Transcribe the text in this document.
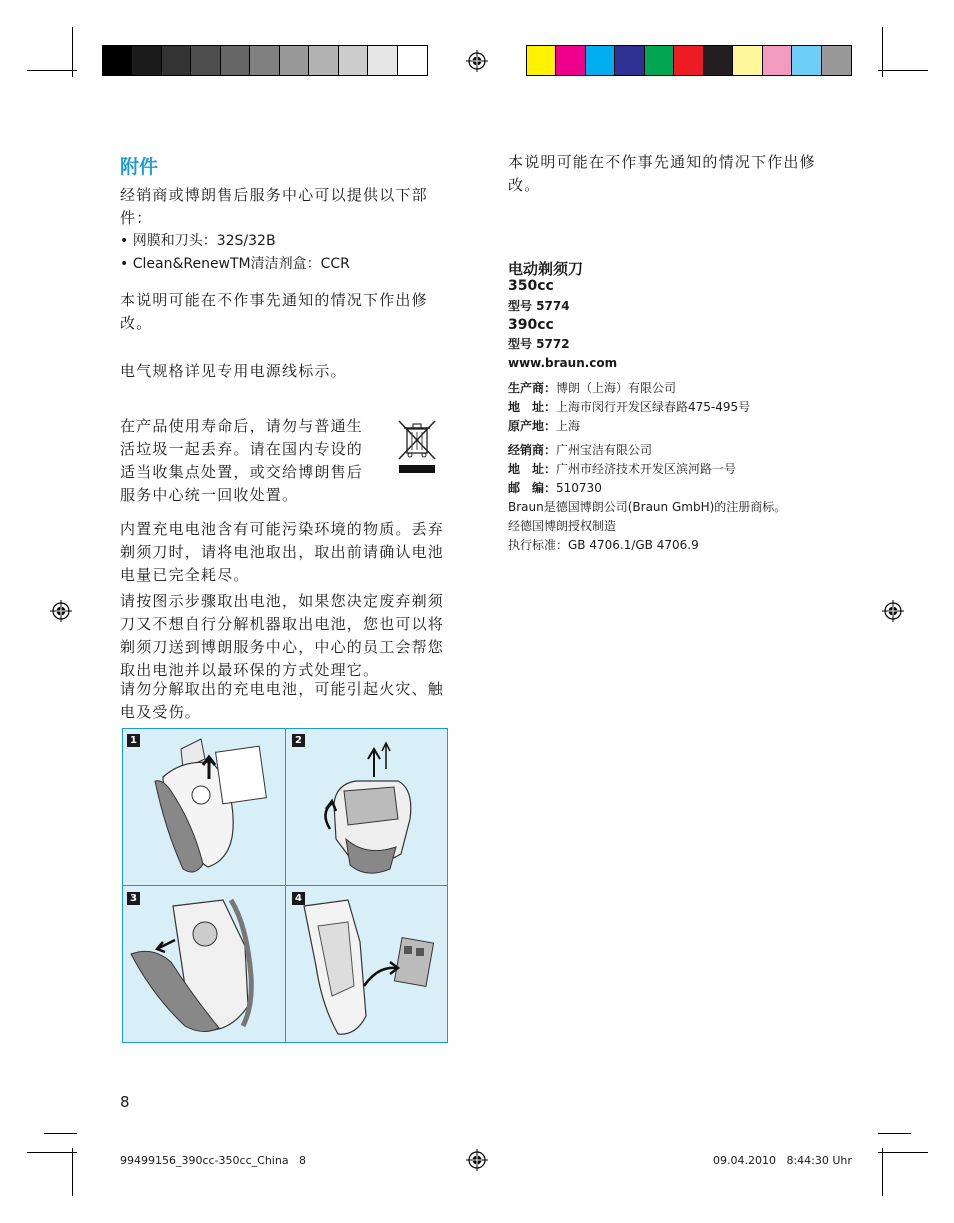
附件
经销商或博朗售后服务中心可以提供以下部
件：
• 网膜和刀头：32S/32B
• Clean&RenewTM清洁剂盒：CCR
本说明可能在不作事先通知的情况下作出修
改。
电气规格详见专用电源线标示。
在产品使用寿命后，请勿与普通生
活垃圾一起丢弃。请在国内专设的
适当收集点处置，或交给博朗售后
服务中心统一回收处置。
内置充电电池含有可能污染环境的物质。丢弃
剃须刀时，请将电池取出，取出前请确认电池
电量已完全耗尽。
请按图示步骤取出电池，如果您决定废弃剃须
刀又不想自行分解机器取出电池，您也可以将
剃须刀送到博朗服务中心，中心的员工会帮您
取出电池并以最环保的方式处理它。
请勿分解取出的充电电池，可能引起火灾、触
电及受伤。
1	2
3	4
8
本说明可能在不作事先通知的情况下作出修
改。
电动剃须刀
350cc
型号 5774
390cc
型号 5772
www.braun.com
生产商：博朗（上海）有限公司
地　址：上海市闵行开发区绿春路475-495号
原产地：上海
经销商：广州宝洁有限公司
地　址：广州市经济技术开发区滨河路一号
邮　编：510730
Braun是德国博朗公司(Braun GmbH)的注册商标。
经德国博朗授权制造
执行标准：GB 4706.1/GB 4706.9
99499156_390cc-350cc_China   8	09.04.2010   8:44:30 Uhr
